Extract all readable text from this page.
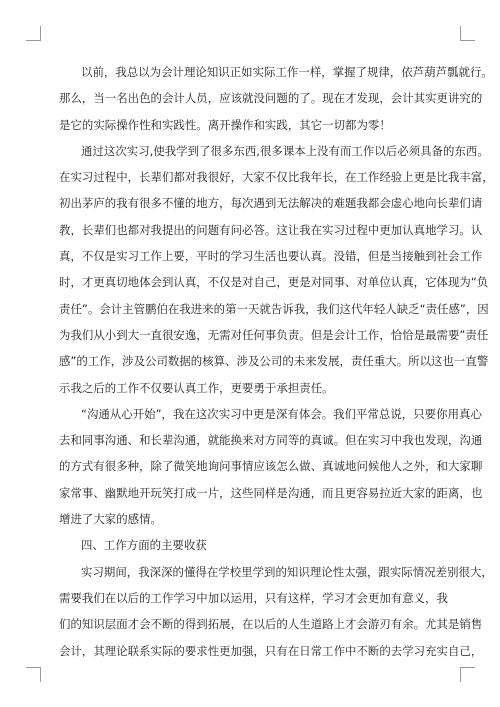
以前，我总以为会计理论知识正如实际工作一样，掌握了规律，依芦葫芦瓢就行。
那么，当一名出色的会计人员，应该就没问题的了。现在才发现，会计其实更讲究的
是它的实际操作性和实践性。离开操作和实践，其它一切都为零！
通过这次实习,使我学到了很多东西,很多课本上没有而工作以后必须具备的东西。
在实习过程中，长辈们都对我很好，大家不仅比我年长，在工作经验上更是比我丰富，
初出茅庐的我有很多不懂的地方，每次遇到无法解决的难题我都会虚心地向长辈们请
教，长辈们也都对我提出的问题有问必答。这让我在实习过程中更加认真地学习。认
真，不仅是实习工作上要，平时的学习生活也要认真。没错，但是当接触到社会工作
时，才更真切地体会到认真，不仅是对自己，更是对同事、对单位认真，它体现为“负
责任”。会计主管鹏伯在我进来的第一天就告诉我，我们这代年轻人缺乏“责任感”，因
为我们从小到大一直很安逸，无需对任何事负责。但是会计工作，恰恰是最需要”责任
感”的工作，涉及公司数据的核算、涉及公司的未来发展，责任重大。所以这也一直警
示我之后的工作不仅要认真工作，更要勇于承担责任。
“沟通从心开始”，我在这次实习中更是深有体会。我们平常总说，只要你用真心
去和同事沟通、和长辈沟通，就能换来对方同等的真诚。但在实习中我也发现，沟通
的方式有很多种，除了微笑地询问事情应该怎么做、真诚地问候他人之外，和大家聊
家常事、幽默地开玩笑打成一片，这些同样是沟通，而且更容易拉近大家的距离，也
增进了大家的感情。
四、工作方面的主要收获
实习期间，我深深的懂得在学校里学到的知识理论性太强，跟实际情况差别很大，
需要我们在以后的工作学习中加以运用，只有这样，学习才会更加有意义，我
们的知识层面才会不断的得到拓展，在以后的人生道路上才会游刃有余。尤其是销售
会计，其理论联系实际的要求性更加强，只有在日常工作中不断的去学习充实自己，
